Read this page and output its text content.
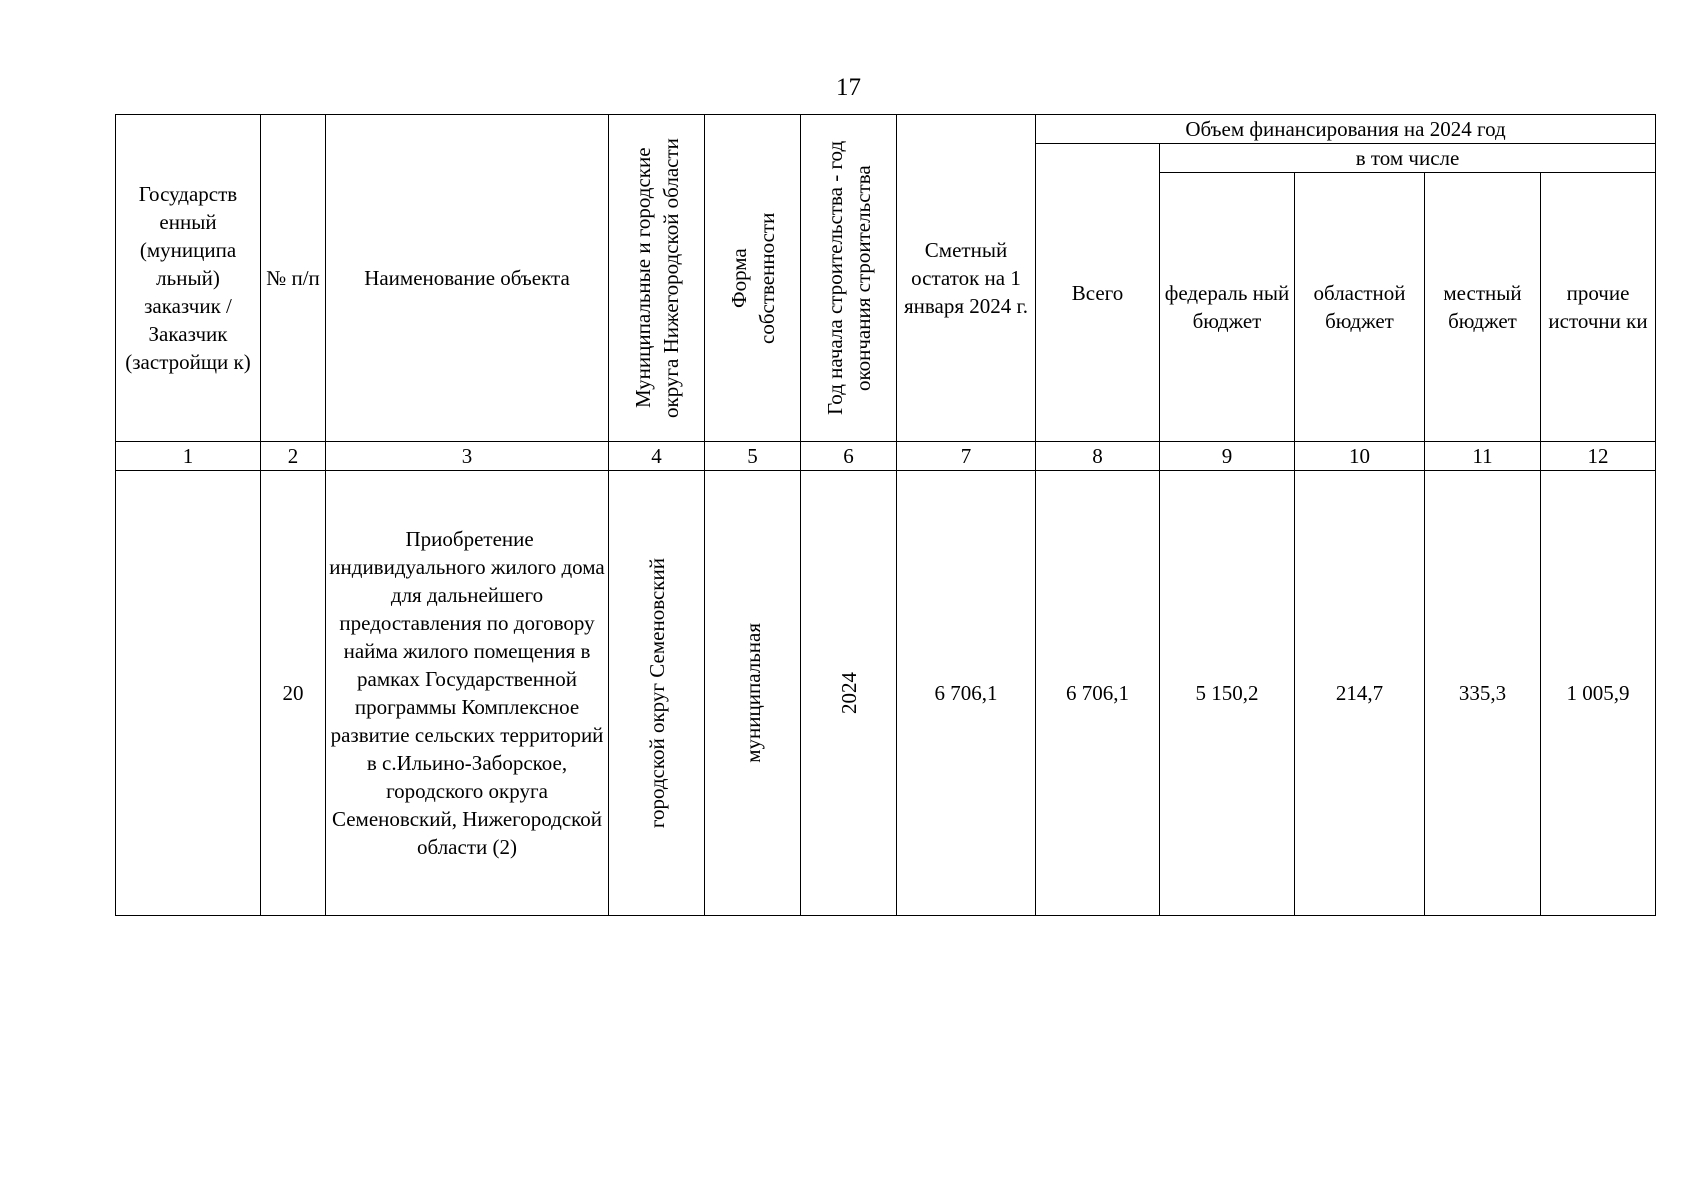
17
Государств енный (муниципа льный) заказчик / Заказчик (застройщи к)	№ п/п	Наименование объекта	Муниципальные и городские округа Нижегородской области	Форма собственности	Год начала строительства - год окончания строительства	Сметный остаток на 1 января 2024 г.	Объем финансирования на 2024 год				
							Всего	в том числе			
								федераль ный бюджет	областной бюджет	местный бюджет	прочие источни ки
1	2	3	4	5	6	7	8	9	10	11	12
	20	Приобретение индивидуального жилого дома для дальнейшего предоставления по договору найма жилого помещения в рамках Государственной программы Комплексное развитие сельских территорий в с.Ильино-Заборское, городского округа Семеновский, Нижегородской области (2)	городской округ Семеновский	муниципальная	2024	6 706,1	6 706,1	5 150,2	214,7	335,3	1 005,9
